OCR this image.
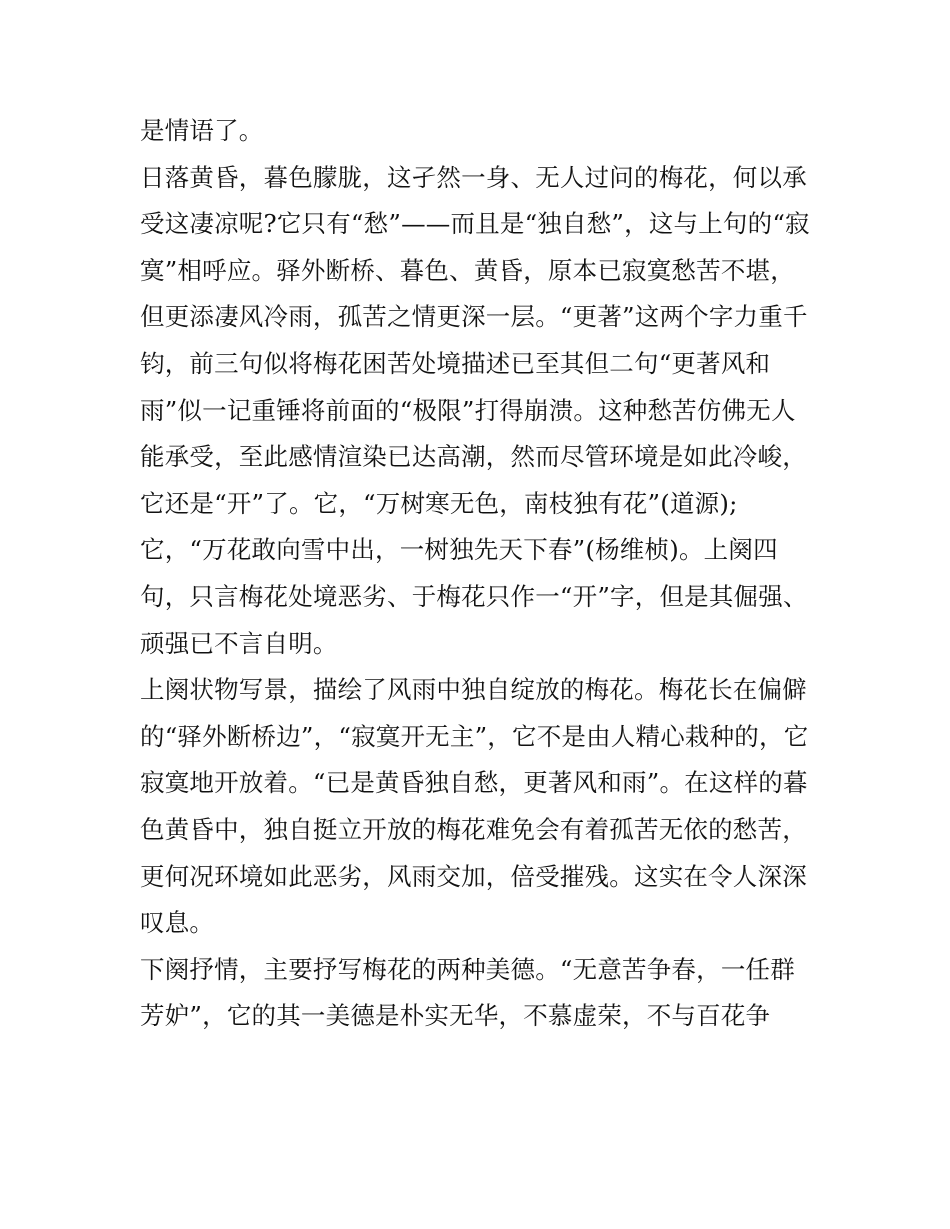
是情语了。
日落黄昏，暮色朦胧，这孑然一身、无人过问的梅花，何以承
受这凄凉呢?它只有“愁”——而且是“独自愁”，这与上句的“寂
寞”相呼应。驿外断桥、暮色、黄昏，原本已寂寞愁苦不堪，
但更添凄风冷雨，孤苦之情更深一层。“更著”这两个字力重千
钧，前三句似将梅花困苦处境描述已至其但二句“更著风和
雨”似一记重锤将前面的“极限”打得崩溃。这种愁苦仿佛无人
能承受，至此感情渲染已达高潮，然而尽管环境是如此冷峻，
它还是“开”了。它，“万树寒无色，南枝独有花”(道源);
它，“万花敢向雪中出，一树独先天下春”(杨维桢)。上阕四
句，只言梅花处境恶劣、于梅花只作一“开”字，但是其倔强、
顽强已不言自明。
上阕状物写景，描绘了风雨中独自绽放的梅花。梅花长在偏僻
的“驿外断桥边”，“寂寞开无主”，它不是由人精心栽种的，它
寂寞地开放着。“已是黄昏独自愁，更著风和雨”。在这样的暮
色黄昏中，独自挺立开放的梅花难免会有着孤苦无依的愁苦，
更何况环境如此恶劣，风雨交加，倍受摧残。这实在令人深深
叹息。
下阕抒情，主要抒写梅花的两种美德。“无意苦争春，一任群
芳妒”，它的其一美德是朴实无华，不慕虚荣，不与百花争
